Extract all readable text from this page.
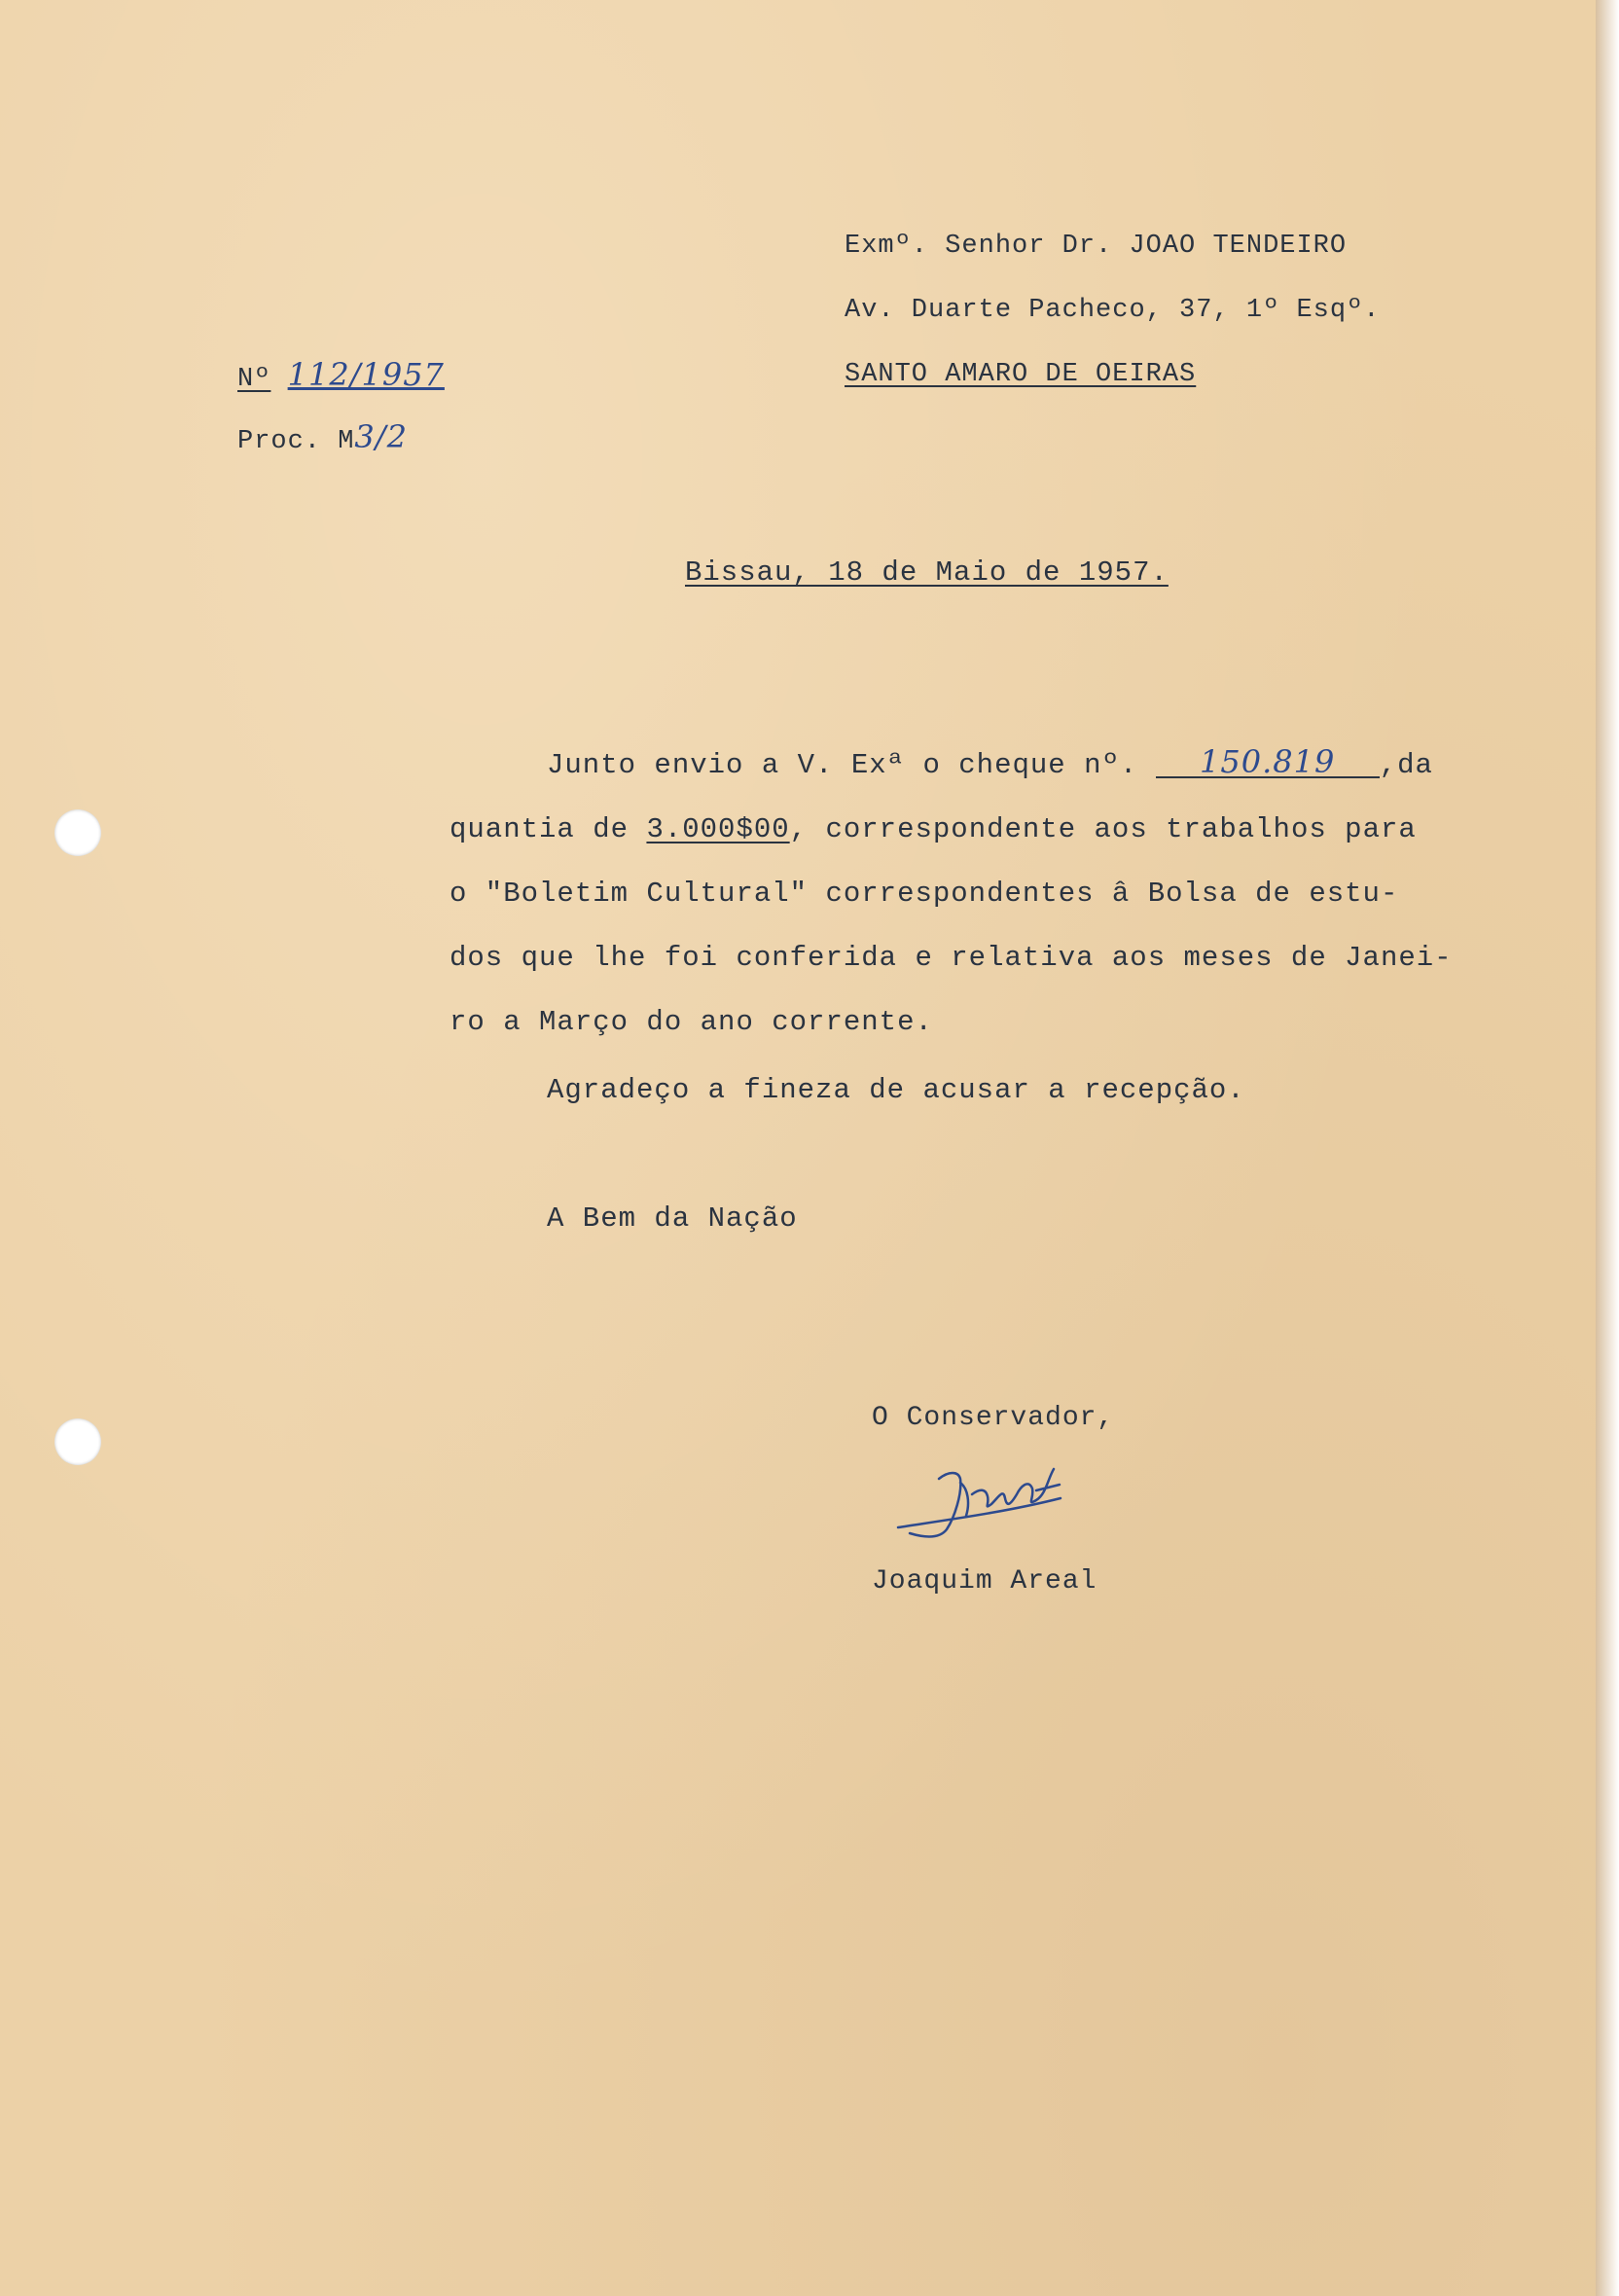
Exmº. Senhor Dr. JOAO TENDEIRO
Av. Duarte Pacheco, 37, 1º Esqº.
SANTO AMARO DE OEIRAS
Nº 112/1957
Proc. M3/2
Bissau, 18 de Maio de 1957.
Junto envio a V. Exª o cheque nº. 150.819 ,da
quantia de 3.000$00, correspondente aos trabalhos para
o "Boletim Cultural" correspondentes â Bolsa de estu-
dos que lhe foi conferida e relativa aos meses de Janei-
ro a Março do ano corrente.
Agradeço a fineza de acusar a recepção.
A Bem da Nação
O Conservador,
Joaquim Areal
